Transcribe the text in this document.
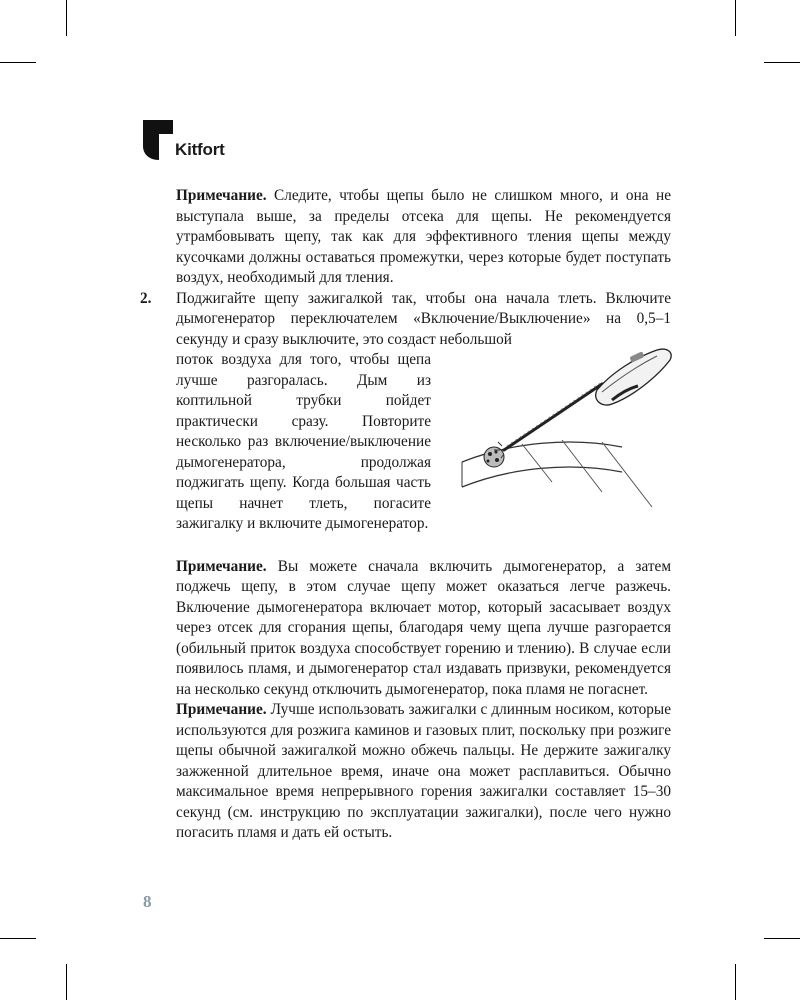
Kitfort

Примечание. Следите, чтобы щепы было не слишком много, и она не выступала выше, за пределы отсека для щепы. Не рекомендуется утрамбовывать щепу, так как для эффективного тления щепы между кусочками должны оставаться промежутки, через которые будет поступать воздух, необходимый для тления.

2. Поджигайте щепу зажигалкой так, чтобы она начала тлеть. Включите дымогенератор переключателем «Включение/Выключение» на 0,5–1 секунду и сразу выключите, это создаст небольшой

поток воздуха для того, чтобы щепа лучше разгоралась. Дым из коптильной трубки пойдет практически сразу. Повторите несколько раз включение/выключение дымогенератора, продолжая поджигать щепу. Когда большая часть щепы начнет тлеть, погасите зажигалку и включите дымогенератор.

Примечание. Вы можете сначала включить дымогенератор, а затем поджечь щепу, в этом случае щепу может оказаться легче разжечь. Включение дымогенератора включает мотор, который засасывает воздух через отсек для сгорания щепы, благодаря чему щепа лучше разгорается (обильный приток воздуха способствует горению и тлению). В случае если появилось пламя, и дымогенератор стал издавать призвуки, рекомендуется на несколько секунд отключить дымогенератор, пока пламя не погаснет.

Примечание. Лучше использовать зажигалки с длинным носиком, которые используются для розжига каминов и газовых плит, поскольку при розжиге щепы обычной зажигалкой можно обжечь пальцы. Не держите зажигалку зажженной длительное время, иначе она может расплавиться. Обычно максимальное время непрерывного горения зажигалки составляет 15–30 секунд (см. инструкцию по эксплуатации зажигалки), после чего нужно погасить пламя и дать ей остыть.

8
